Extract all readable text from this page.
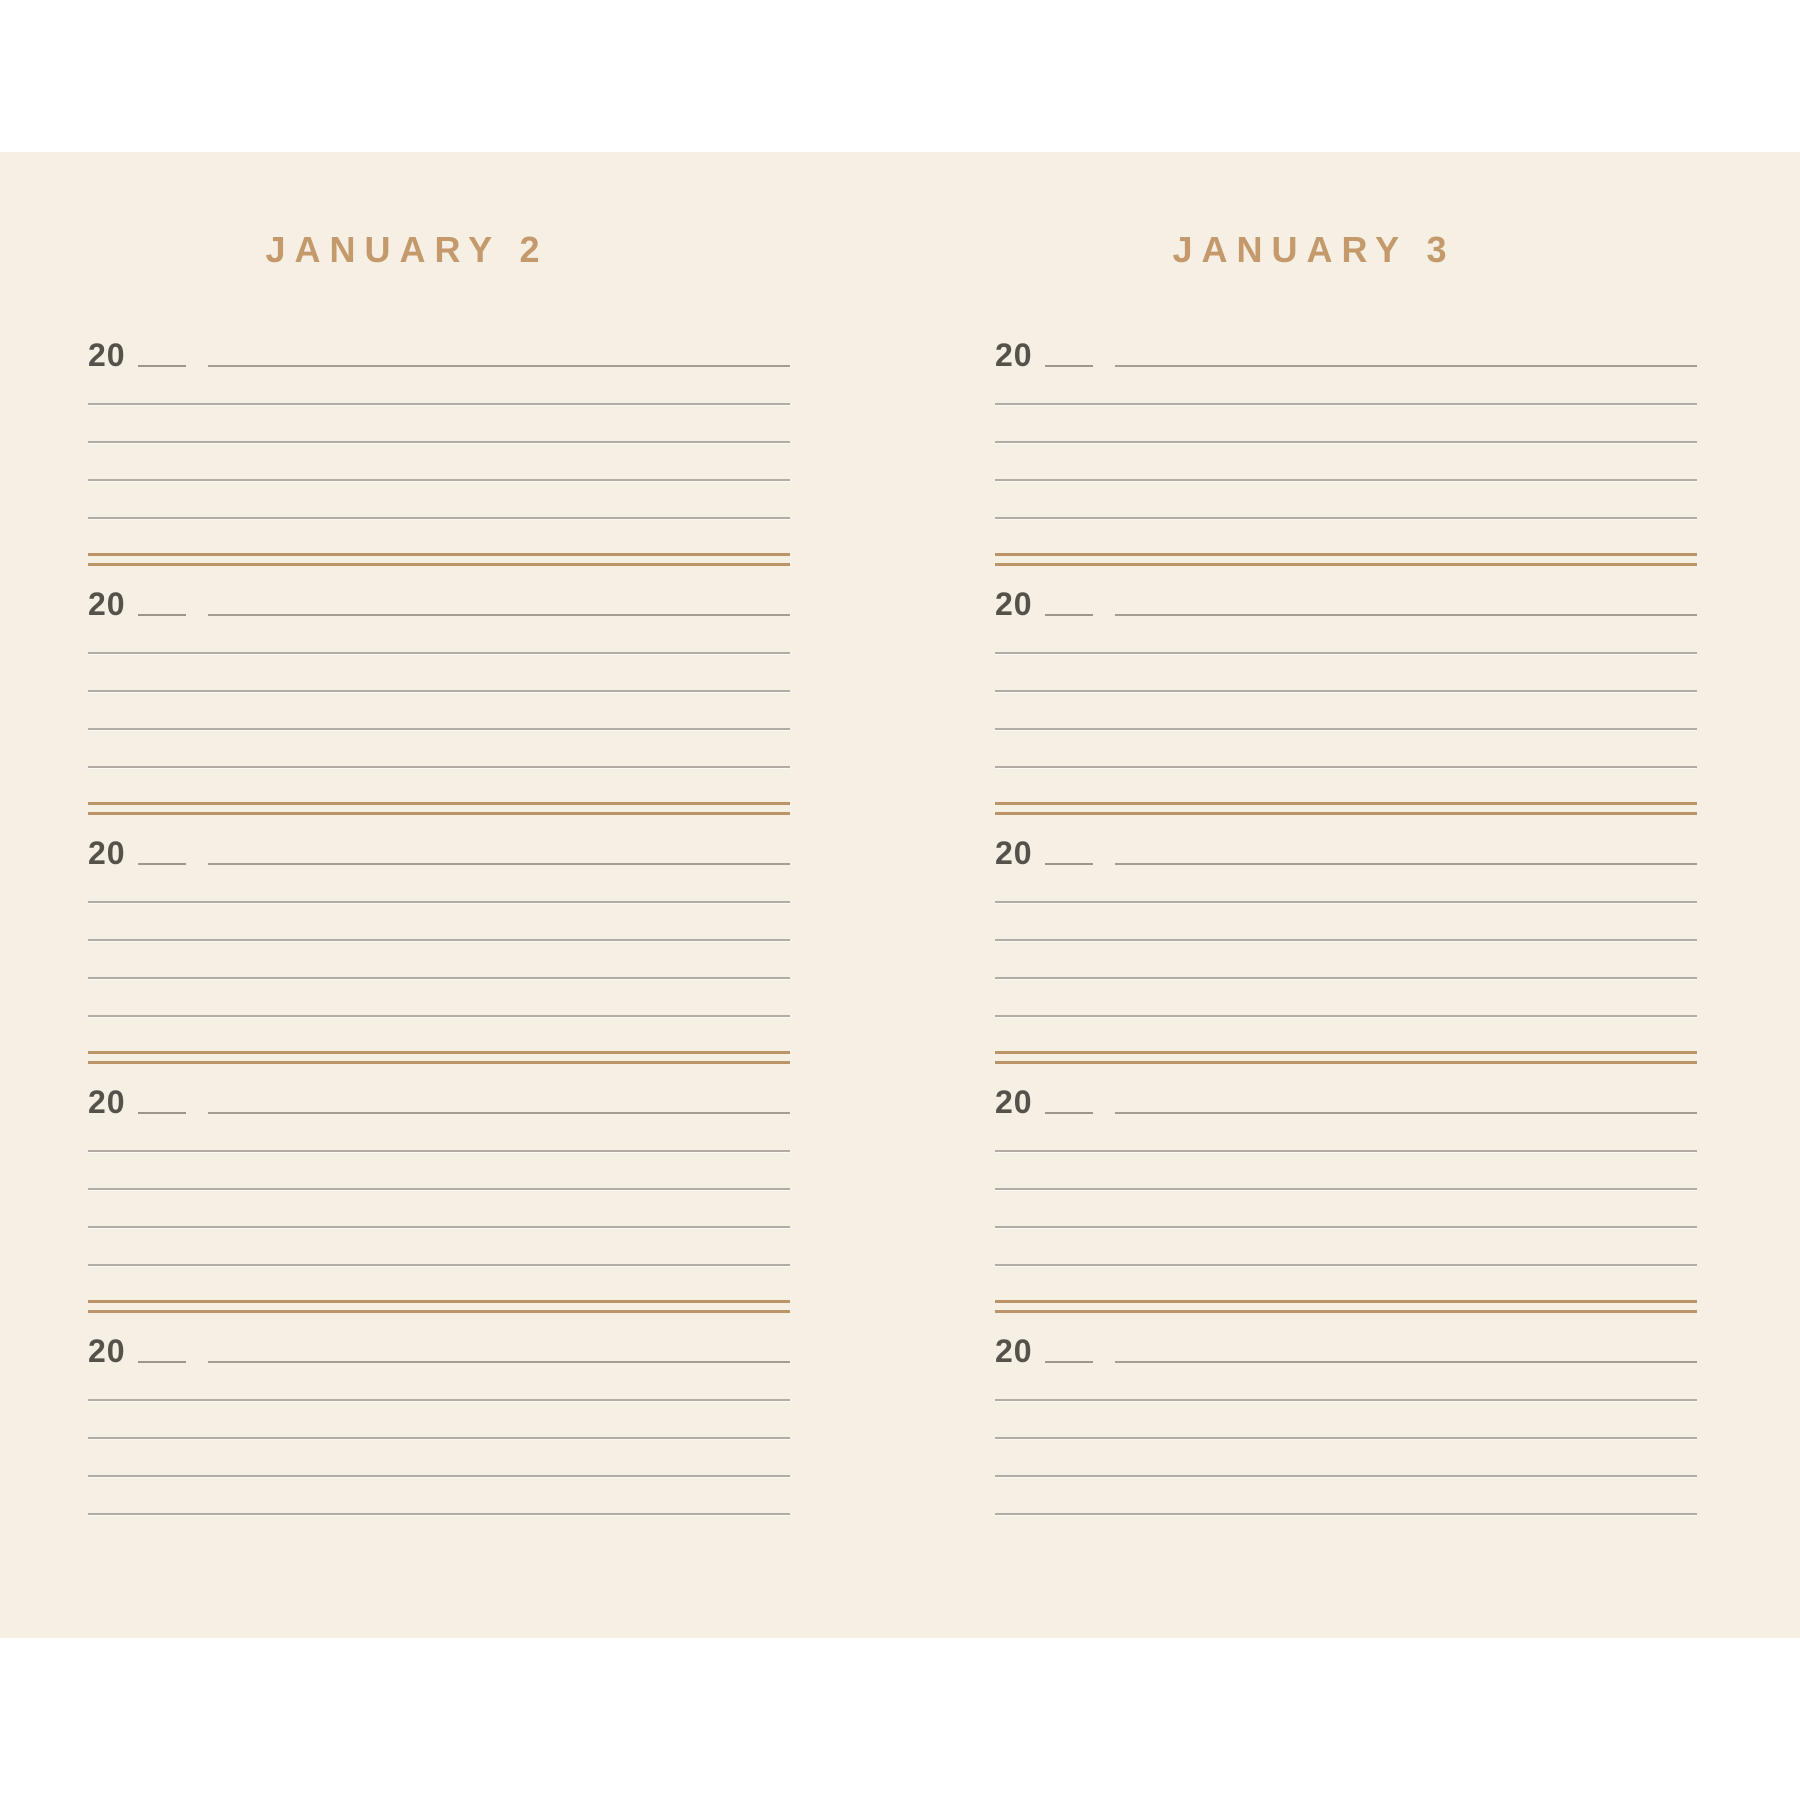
JANUARY 2
20
20
20
20
20
JANUARY 3
20
20
20
20
20
